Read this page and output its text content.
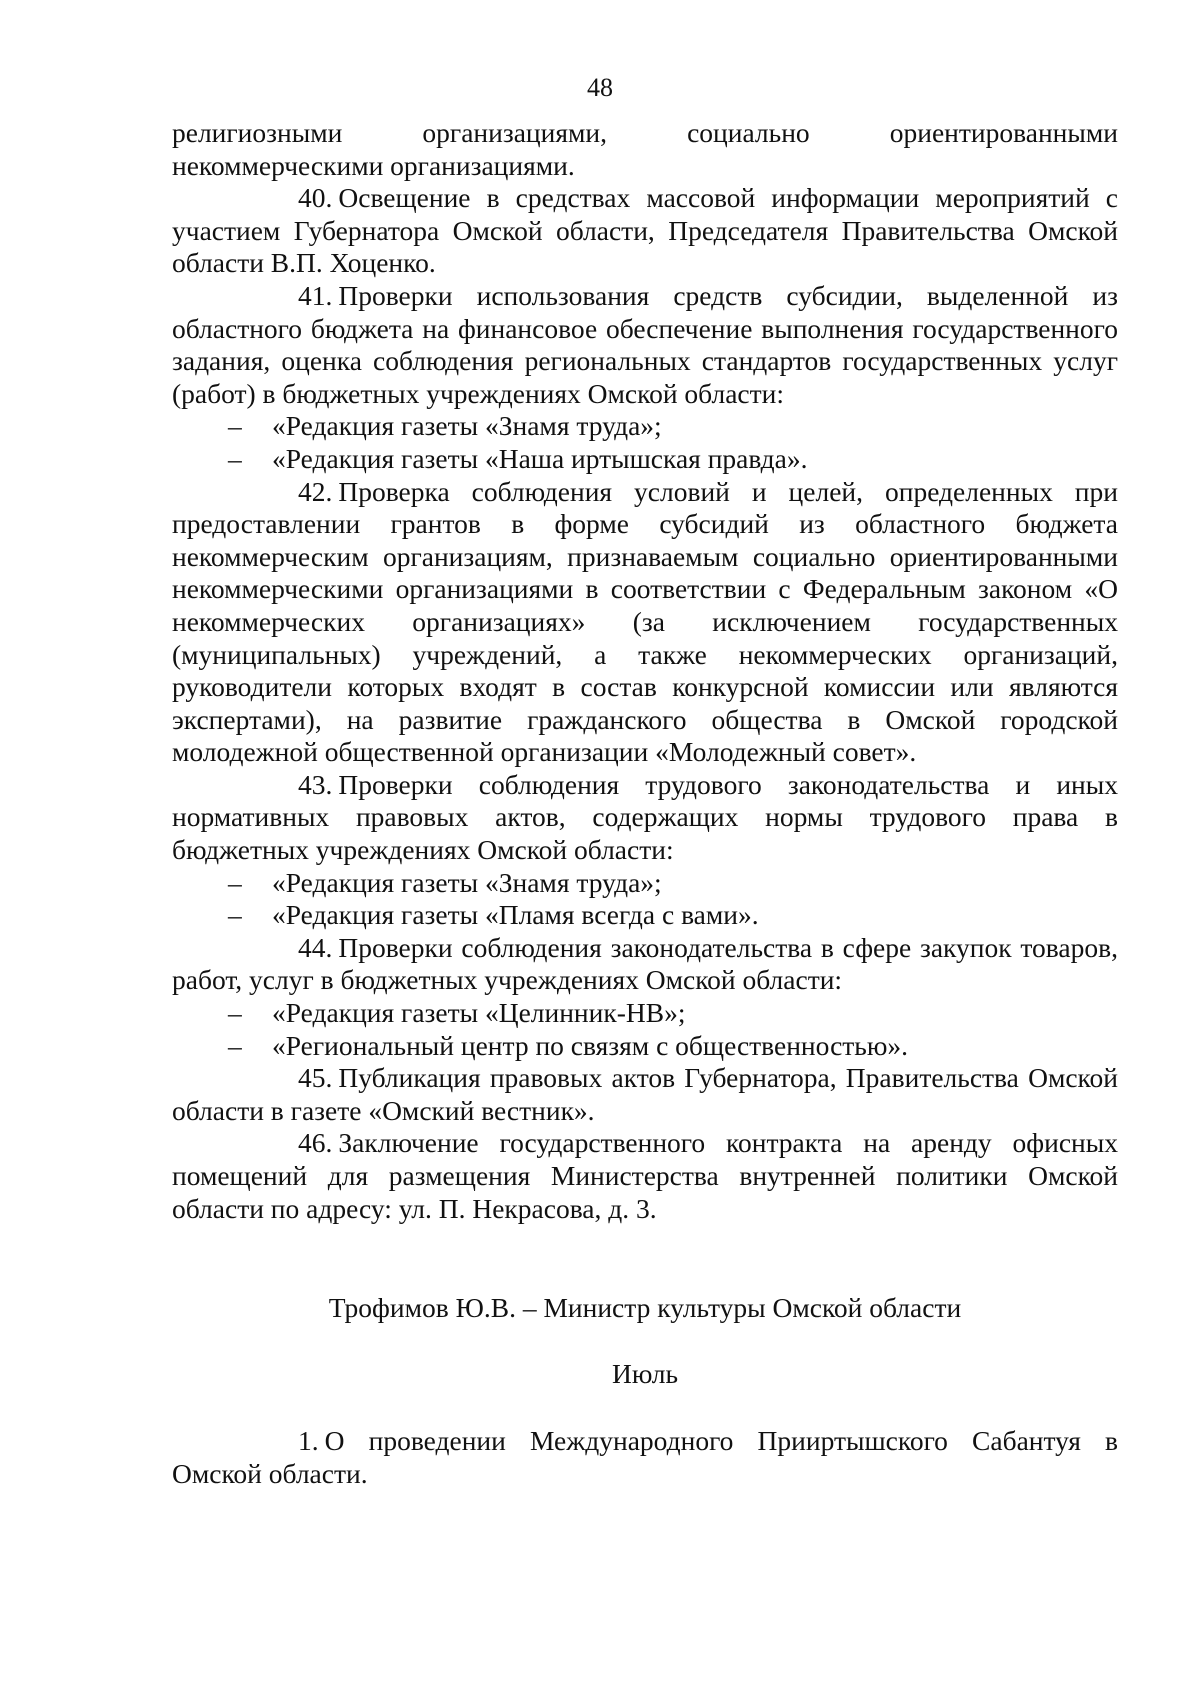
48

религиозными организациями, социально ориентированными

некоммерческими организациями.

40. Освещение в средствах массовой информации мероприятий с участием Губернатора Омской области, Председателя Правительства Омской области В.П. Хоценко.

41. Проверки использования средств субсидии, выделенной из областного бюджета на финансовое обеспечение выполнения государственного задания, оценка соблюдения региональных стандартов государственных услуг (работ) в бюджетных учреждениях Омской области:

– «Редакция газеты «Знамя труда»;

– «Редакция газеты «Наша иртышская правда».

42. Проверка соблюдения условий и целей, определенных при предоставлении грантов в форме субсидий из областного бюджета некоммерческим организациям, признаваемым социально ориентированными некоммерческими организациями в соответствии с Федеральным законом «О некоммерческих организациях» (за исключением государственных (муниципальных) учреждений, а также некоммерческих организаций, руководители которых входят в состав конкурсной комиссии или являются экспертами), на развитие гражданского общества в Омской городской молодежной общественной организации «Молодежный совет».

43. Проверки соблюдения трудового законодательства и иных нормативных правовых актов, содержащих нормы трудового права в бюджетных учреждениях Омской области:

– «Редакция газеты «Знамя труда»;

– «Редакция газеты «Пламя всегда с вами».

44. Проверки соблюдения законодательства в сфере закупок товаров, работ, услуг в бюджетных учреждениях Омской области:

– «Редакция газеты «Целинник-НВ»;

– «Региональный центр по связям с общественностью».

45. Публикация правовых актов Губернатора, Правительства Омской области в газете «Омский вестник».

46. Заключение государственного контракта на аренду офисных помещений для размещения Министерства внутренней политики Омской области по адресу: ул. П. Некрасова, д. 3.

Трофимов Ю.В. – Министр культуры Омской области

Июль

1. О проведении Международного Прииртышского Сабантуя в Омской области.
